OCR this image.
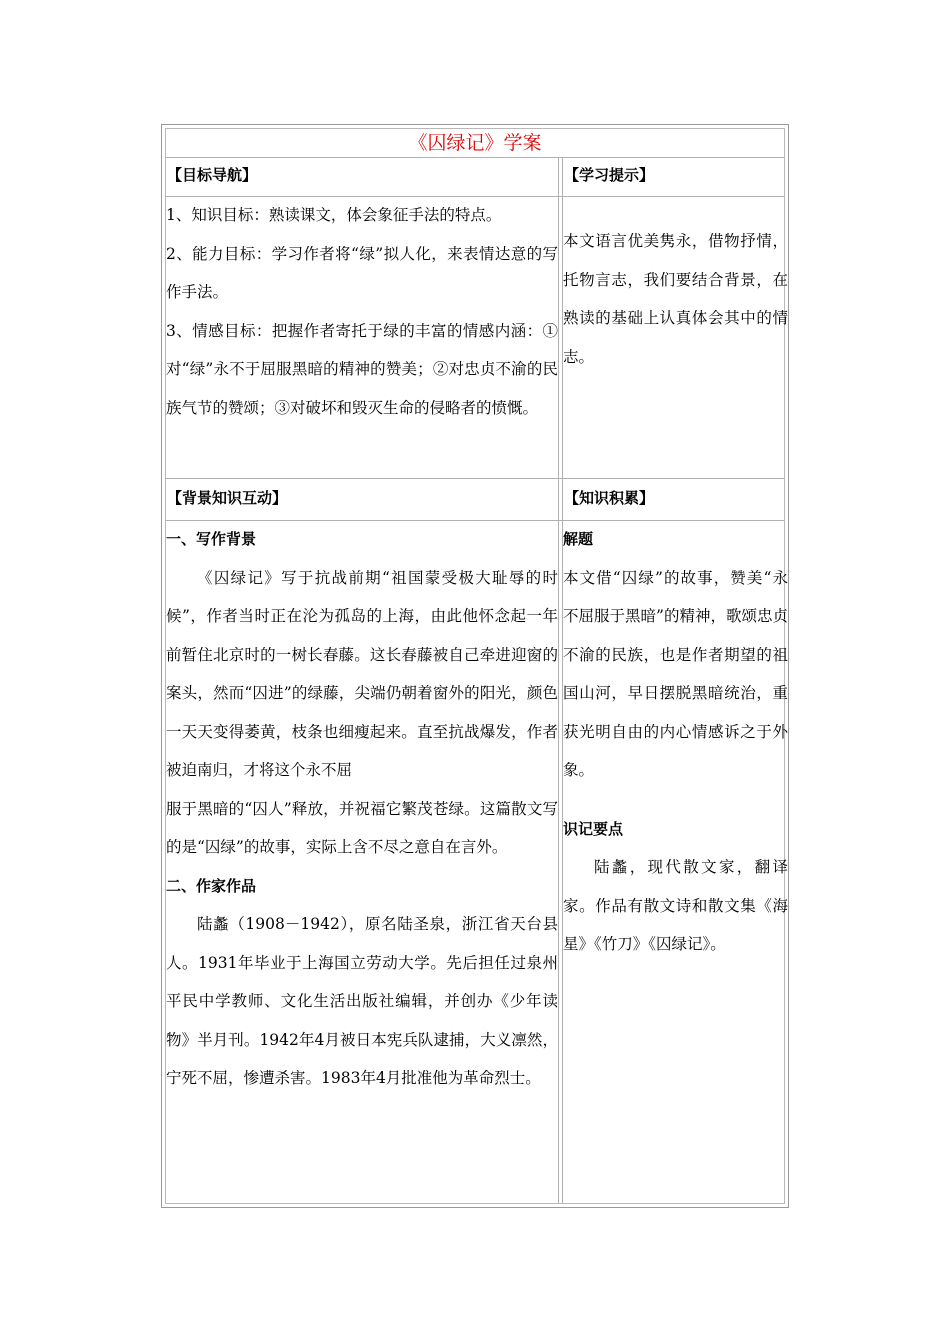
《囚绿记》学案
【目标导航】	【学习提示】

1、知识目标：熟读课文，体会象征手法的特点。

2、能力目标：学习作者将“绿”拟人化，来表情达意的写作手法。

3、情感目标：把握作者寄托于绿的丰富的情感内涵：①对“绿”永不于屈服黑暗的精神的赞美；②对忠贞不渝的民族气节的赞颂；③对破坏和毁灭生命的侵略者的愤慨。

本文语言优美隽永，借物抒情，托物言志，我们要结合背景，在熟读的基础上认真体会其中的情志。
【背景知识互动】	【知识积累】

一、写作背景

《囚绿记》写于抗战前期“祖国蒙受极大耻辱的时候”，作者当时正在沦为孤岛的上海，由此他怀念起一年前暂住北京时的一树长春藤。这长春藤被自己牵进迎窗的案头，然而“囚进”的绿藤，尖端仍朝着窗外的阳光，颜色一天天变得萎黄，枝条也细瘦起来。直至抗战爆发，作者被迫南归，才将这个永不屈

服于黑暗的“囚人”释放，并祝福它繁茂苍绿。这篇散文写的是“囚绿”的故事，实际上含不尽之意自在言外。

二、作家作品

陆蠡（1908－1942），原名陆圣泉，浙江省天台县人。1931年毕业于上海国立劳动大学。先后担任过泉州平民中学教师、文化生活出版社编辑，并创办《少年读物》半月刊。1942年4月被日本宪兵队逮捕，大义凛然，宁死不屈，惨遭杀害。1983年4月批准他为革命烈士。

解题

本文借“囚绿”的故事，赞美“永不屈服于黑暗”的精神，歌颂忠贞不渝的民族，也是作者期望的祖国山河，早日摆脱黑暗统治，重获光明自由的内心情感诉之于外象。

识记要点

陆蠡，现代散文家，翻译家。作品有散文诗和散文集《海星》《竹刀》《囚绿记》。
